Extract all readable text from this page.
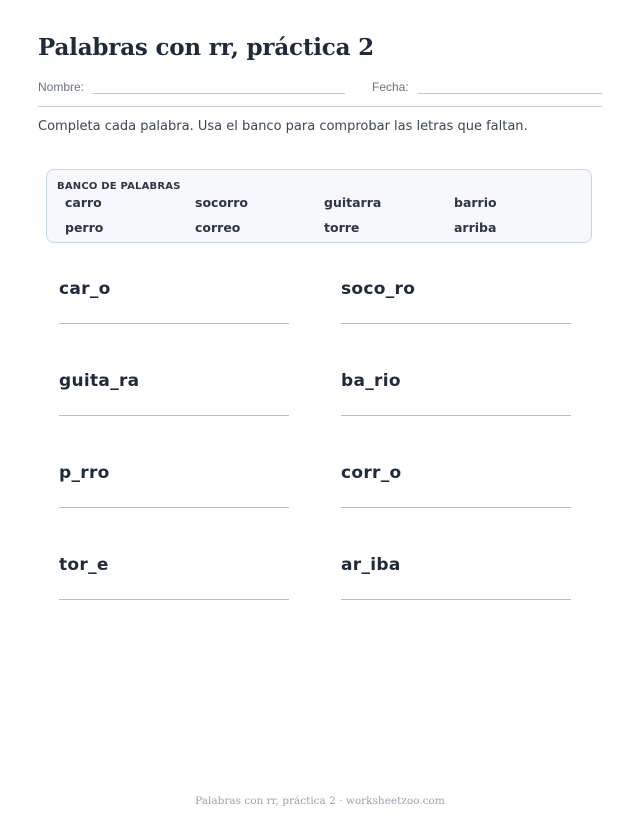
Palabras con rr, práctica 2
Nombre:	Fecha:
Completa cada palabra. Usa el banco para comprobar las letras que faltan.
BANCO DE PALABRAS
carro	socorro	guitarra	barrio
perro	correo	torre	arriba
car_o	soco_ro
guita_ra	ba_rio
p_rro	corr_o
tor_e	ar_iba
Palabras con rr, práctica 2 · worksheetzoo.com
